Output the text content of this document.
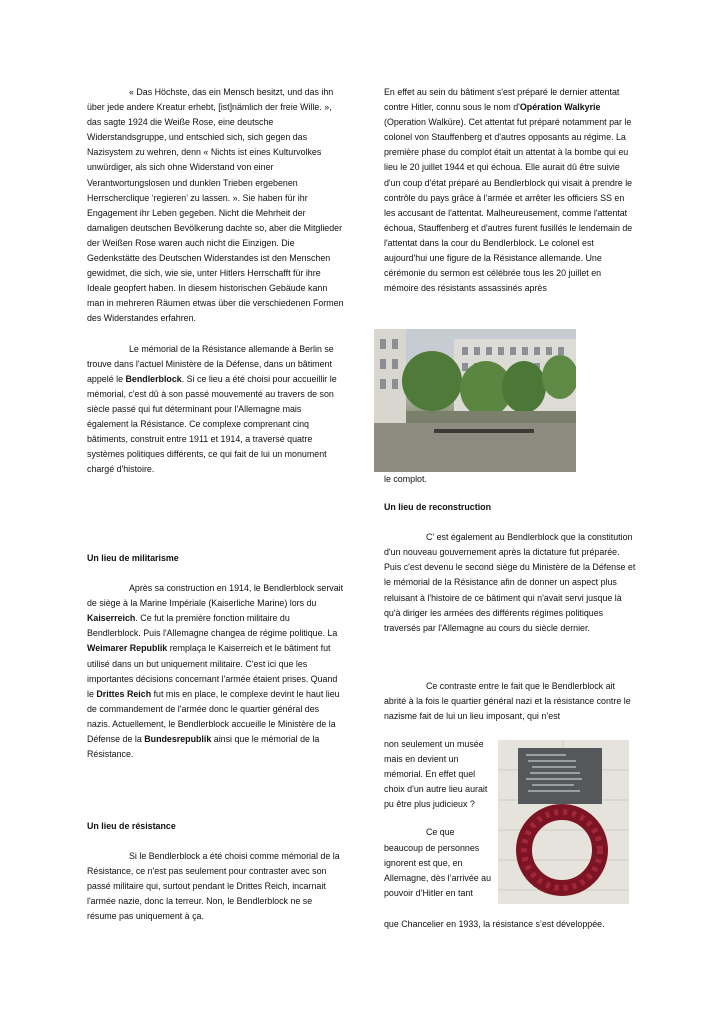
« Das Höchste, das ein Mensch besitzt, und das ihn über jede andere Kreatur erhebt, [ist]nämlich der freie Wille. », das sagte 1924 die Weiße Rose, eine deutsche Widerstandsgruppe, und entschied sich, sich gegen das Nazisystem zu wehren, denn « Nichts ist eines Kulturvolkes unwürdiger, als sich ohne Widerstand von einer Verantwortungslosen und dunklen Trieben ergebenen Herrscherclique ‘regieren’ zu lassen. ». Sie haben für ihr Engagement ihr Leben gegeben. Nicht die Mehrheit der damaligen deutschen Bevölkerung dachte so, aber die Mitglieder der Weißen Rose waren auch nicht die Einzigen. Die Gedenkstätte des Deutschen Widerstandes ist den Menschen gewidmet, die sich, wie sie, unter Hitlers Herrschafft für ihre Ideale geopfert haben. In diesem historischen Gebäude kann man in mehreren Räumen etwas über die verschiedenen Formen des Widerstandes erfahren.

Le mémorial de la Résistance allemande à Berlin se trouve dans l'actuel Ministère de la Défense, dans un bâtiment appelé le Bendlerblock. Si ce lieu a été choisi pour accueillir le mémorial, c'est dû à son passé mouvementé au travers de son siècle passé qui fut déterminant pour l'Allemagne mais également la Résistance. Ce complexe comprenant cinq bâtiments, construit entre 1911 et 1914, a traversé quatre systèmes politiques différents, ce qui fait de lui un monument chargé d'histoire.

Un lieu de militarisme

Après sa construction en 1914, le Bendlerblock servait de siège à la Marine Impériale (Kaiserliche Marine) lors du Kaiserreich. Ce fut la première fonction militaire du Bendlerblock. Puis l'Allemagne changea de régime politique. La Weimarer Republik remplaça le Kaiserreich et le bâtiment fut utilisé dans un but uniquement militaire. C'est ici que les importantes décisions concernant l'armée étaient prises. Quand le Drittes Reich fut mis en place, le complexe devint le haut lieu de commandement de l'armée donc le quartier général des nazis. Actuellement, le Bendlerblock accueille le Ministère de la Défense de la Bundesrepublik ainsi que le mémorial de la Résistance.

Un lieu de résistance

Si le Bendlerblock a été choisi comme mémorial de la Résistance, ce n'est pas seulement pour contraster avec son passé militaire qui, surtout pendant le Drittes Reich, incarnait l'armée nazie, donc la terreur. Non, le Bendlerblock ne se résume pas uniquement à ça.

En effet au sein du bâtiment s'est préparé le dernier attentat contre Hitler, connu sous le nom d'Opération Walkyrie (Operation Walküre). Cet attentat fut préparé notamment par le colonel von Stauffenberg et d'autres opposants au régime. La première phase du complot était un attentat à la bombe qui eu lieu le 20 juillet 1944 et qui échoua. Elle aurait dû être suivie d'un coup d'état préparé au Bendlerblock qui visait à prendre le contrôle du pays grâce à l'armée et arrêter les officiers SS en les accusant de l'attentat. Malheureusement, comme l'attentat échoua, Stauffenberg et d'autres furent fusillés le lendemain de l'attentat dans la cour du Bendlerblock. Le colonel est aujourd'hui une figure de la Résistance allemande. Une cérémonie du sermon est célébrée tous les 20 juillet en mémoire des résistants assassinés après

le complot.

Un lieu de reconstruction

C' est également au Bendlerblock que la constitution d'un nouveau gouvernement après la dictature fut préparée. Puis c'est devenu le second siège du Ministère de la Défense et le mémorial de la Résistance afin de donner un aspect plus reluisant à l'histoire de ce bâtiment qui n'avait servi jusque là qu'à diriger les armées des différents régimes politiques traversés par l'Allemagne au cours du siècle dernier.

Ce contraste entre le fait que le Bendlerblock ait abrité à la fois le quartier général nazi et la résistance contre le nazisme fait de lui un lieu imposant, qui n’est

non seulement un musée mais en devient un mémorial. En effet quel choix d'un autre lieu aurait pu être plus judicieux ?

Ce que beaucoup de personnes ignorent est que, en Allemagne, dès l’arrivée au pouvoir d’Hitler en tant

que Chancelier en 1933, la résistance s’est développée.
